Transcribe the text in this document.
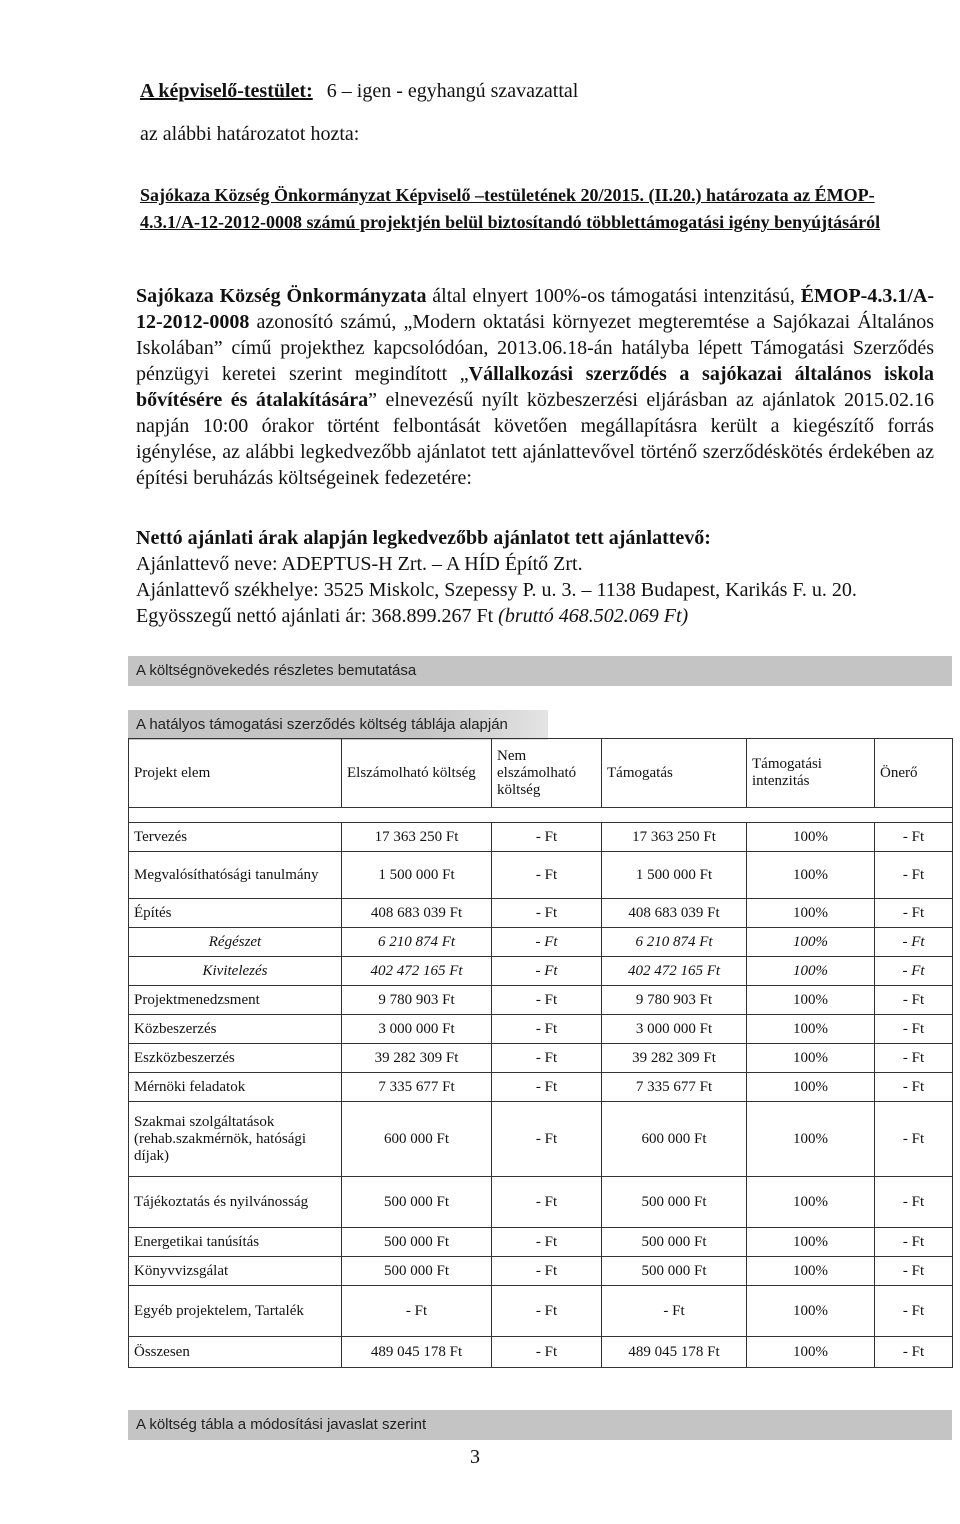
A képviselő-testület: 6 – igen - egyhangú szavazattal
az alábbi határozatot hozta:
Sajókaza Község Önkormányzat Képviselő –testületének 20/2015. (II.20.) határozata az ÉMOP-4.3.1/A-12-2012-0008 számú projektjén belül biztosítandó többlettámogatási igény benyújtásáról
Sajókaza Község Önkormányzata által elnyert 100%-os támogatási intenzitású, ÉMOP-4.3.1/A-12-2012-0008 azonosító számú, „Modern oktatási környezet megteremtése a Sajókazai Általános Iskolában” című projekthez kapcsolódóan, 2013.06.18-án hatályba lépett Támogatási Szerződés pénzügyi keretei szerint megindított „Vállalkozási szerződés a sajókazai általános iskola bővítésére és átalakítására” elnevezésű nyílt közbeszerzési eljárásban az ajánlatok 2015.02.16 napján 10:00 órakor történt felbontását követően megállapításra került a kiegészítő forrás igénylése, az alábbi legkedvezőbb ajánlatot tett ajánlattevővel történő szerződéskötés érdekében az építési beruházás költségeinek fedezetére:
Nettó ajánlati árak alapján legkedvezőbb ajánlatot tett ajánlattevő:
Ajánlattevő neve: ADEPTUS-H Zrt. – A HÍD Építő Zrt.
Ajánlattevő székhelye: 3525 Miskolc, Szepessy P. u. 3. – 1138 Budapest, Karikás F. u. 20.
Egyösszegű nettó ajánlati ár: 368.899.267 Ft (bruttó 468.502.069 Ft)
A költségnövekedés részletes bemutatása
A hatályos támogatási szerződés költség táblája alapján
Projekt elem	Elszámolható költség	Nem elszámolható költség	Támogatás	Támogatási intenzitás	Önerő

Tervezés	17 363 250 Ft	- Ft	17 363 250 Ft	100%	- Ft
Megvalósíthatósági tanulmány	1 500 000 Ft	- Ft	1 500 000 Ft	100%	- Ft
Építés	408 683 039 Ft	- Ft	408 683 039 Ft	100%	- Ft
Régészet	6 210 874 Ft	- Ft	6 210 874 Ft	100%	- Ft
Kivitelezés	402 472 165 Ft	- Ft	402 472 165 Ft	100%	- Ft
Projektmenedzsment	9 780 903 Ft	- Ft	9 780 903 Ft	100%	- Ft
Közbeszerzés	3 000 000 Ft	- Ft	3 000 000 Ft	100%	- Ft
Eszközbeszerzés	39 282 309 Ft	- Ft	39 282 309 Ft	100%	- Ft
Mérnöki feladatok	7 335 677 Ft	- Ft	7 335 677 Ft	100%	- Ft
Szakmai szolgáltatások (rehab.szakmérnök, hatósági díjak)	600 000 Ft	- Ft	600 000 Ft	100%	- Ft
Tájékoztatás és nyilvánosság	500 000 Ft	- Ft	500 000 Ft	100%	- Ft
Energetikai tanúsítás	500 000 Ft	- Ft	500 000 Ft	100%	- Ft
Könyvvizsgálat	500 000 Ft	- Ft	500 000 Ft	100%	- Ft
Egyéb projektelem, Tartalék	- Ft	- Ft	- Ft	100%	- Ft
Összesen	489 045 178 Ft	- Ft	489 045 178 Ft	100%	- Ft
A költség tábla a módosítási javaslat szerint
3
